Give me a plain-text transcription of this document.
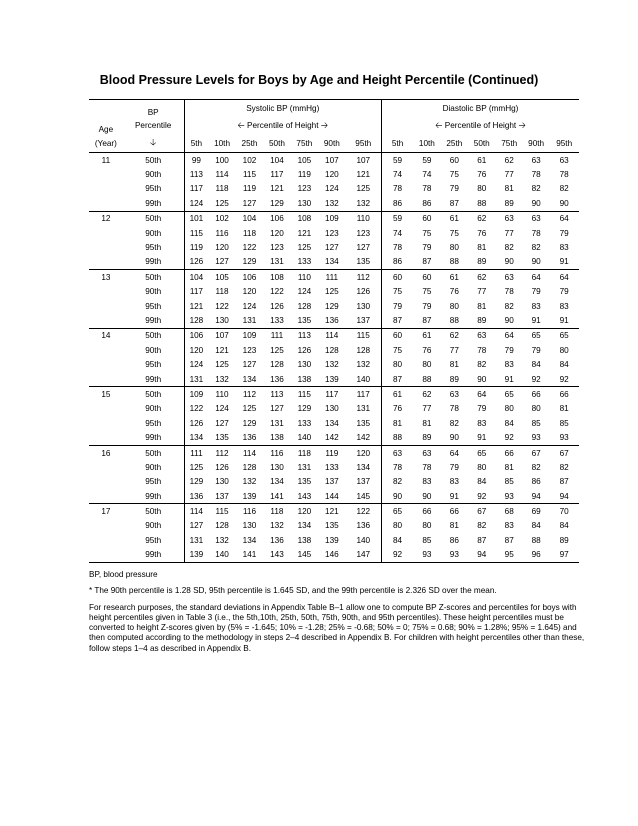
Blood Pressure Levels for Boys by Age and Height Percentile (Continued)
	BP	Systolic BP (mmHg)							Diastolic BP (mmHg)						
Age	Percentile	🡠 Percentile of Height 🡢							🡠 Percentile of Height 🡢						
(Year)	🡣	5th	10th	25th	50th	75th	90th	95th	5th	10th	25th	50th	75th	90th	95th
11	50th	99	100	102	104	105	107	107	59	59	60	61	62	63	63
	90th	113	114	115	117	119	120	121	74	74	75	76	77	78	78
	95th	117	118	119	121	123	124	125	78	78	79	80	81	82	82
	99th	124	125	127	129	130	132	132	86	86	87	88	89	90	90
12	50th	101	102	104	106	108	109	110	59	60	61	62	63	63	64
	90th	115	116	118	120	121	123	123	74	75	75	76	77	78	79
	95th	119	120	122	123	125	127	127	78	79	80	81	82	82	83
	99th	126	127	129	131	133	134	135	86	87	88	89	90	90	91
13	50th	104	105	106	108	110	111	112	60	60	61	62	63	64	64
	90th	117	118	120	122	124	125	126	75	75	76	77	78	79	79
	95th	121	122	124	126	128	129	130	79	79	80	81	82	83	83
	99th	128	130	131	133	135	136	137	87	87	88	89	90	91	91
14	50th	106	107	109	111	113	114	115	60	61	62	63	64	65	65
	90th	120	121	123	125	126	128	128	75	76	77	78	79	79	80
	95th	124	125	127	128	130	132	132	80	80	81	82	83	84	84
	99th	131	132	134	136	138	139	140	87	88	89	90	91	92	92
15	50th	109	110	112	113	115	117	117	61	62	63	64	65	66	66
	90th	122	124	125	127	129	130	131	76	77	78	79	80	80	81
	95th	126	127	129	131	133	134	135	81	81	82	83	84	85	85
	99th	134	135	136	138	140	142	142	88	89	90	91	92	93	93
16	50th	111	112	114	116	118	119	120	63	63	64	65	66	67	67
	90th	125	126	128	130	131	133	134	78	78	79	80	81	82	82
	95th	129	130	132	134	135	137	137	82	83	83	84	85	86	87
	99th	136	137	139	141	143	144	145	90	90	91	92	93	94	94
17	50th	114	115	116	118	120	121	122	65	66	66	67	68	69	70
	90th	127	128	130	132	134	135	136	80	80	81	82	83	84	84
	95th	131	132	134	136	138	139	140	84	85	86	87	87	88	89
	99th	139	140	141	143	145	146	147	92	93	93	94	95	96	97

BP, blood pressure

* The 90th percentile is 1.28 SD, 95th percentile is 1.645 SD, and the 99th percentile is 2.326 SD over the mean.

For research purposes, the standard deviations in Appendix Table B–1 allow one to compute BP Z-scores and percentiles for boys with height percentiles given in Table 3 (i.e., the 5th,10th, 25th, 50th, 75th, 90th, and 95th percentiles). These height percentiles must be converted to height Z-scores given by (5% = -1.645; 10% = -1.28; 25% = -0.68; 50% = 0; 75% = 0.68; 90% = 1.28%; 95% = 1.645) and then computed according to the methodology in steps 2–4 described in Appendix B. For children with height percentiles other than these, follow steps 1–4 as described in Appendix B.
